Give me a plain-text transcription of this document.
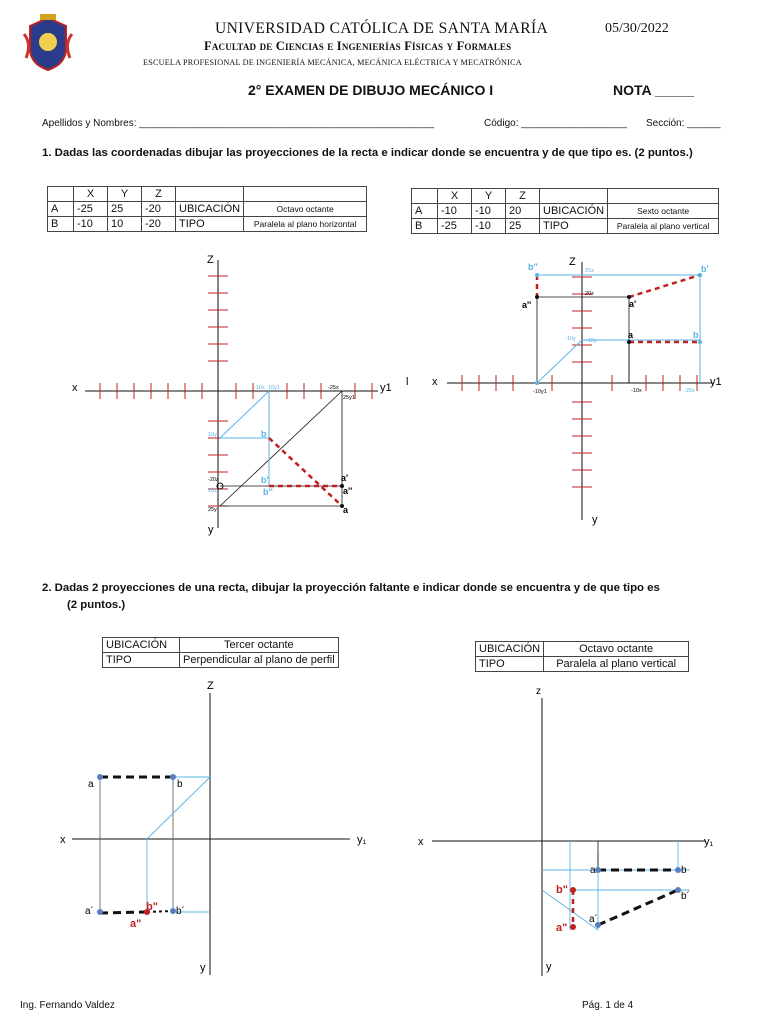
UNIVERSIDAD CATÓLICA DE SANTA MARÍA	05/30/2022
Facultad de Ciencias e Ingenierías Físicas y Formales
ESCUELA PROFESIONAL DE INGENIERÍA MECÁNICA, MECÁNICA ELÉCTRICA Y MECATRÓNICA
2° EXAMEN DE DIBUJO MECÁNICO I	NOTA _____
Apellidos y Nombres: _____________________________________________________	Código: ___________________ Sección: ______
1. Dadas las coordenadas dibujar las proyecciones de la recta e indicar donde se encuentra y de que tipo es. (2 puntos.)
	X	Y	Z		
A	-25	25	-20	UBICACIÓN	Octavo octante
B	-10	10	-20	TIPO	Paralela al plano horizontal
	X	Y	Z		
A	-10	-10	20	UBICACIÓN	Sexto octante
B	-25	-10	25	TIPO	Paralela al plano vertical
Z
x	y1
y
-10x 10y1	-25x
25y1
10y
-20z
20z
25y
b
b'
b''
a'
a''
a
Z
x	y1
y
l
25z
20z
-10y -10y
-10y1	-10x	-25x
b''	b'
a''	a'
a	b
2. Dadas 2 proyecciones de una recta, dibujar la proyección faltante e indicar donde se encuentra y de que tipo es
(2 puntos.)
UBICACIÓN	Tercer octante
TIPO	Perpendicular al plano de perfil
UBICACIÓN	Octavo octante
TIPO	Paralela al plano vertical
Z
x	y₁
y
a	b
a´	b" b´
a"
z
x	y₁
y
a	b
b"
b´
a´
a"
Ing. Fernando Valdez	Pág. 1 de 4
